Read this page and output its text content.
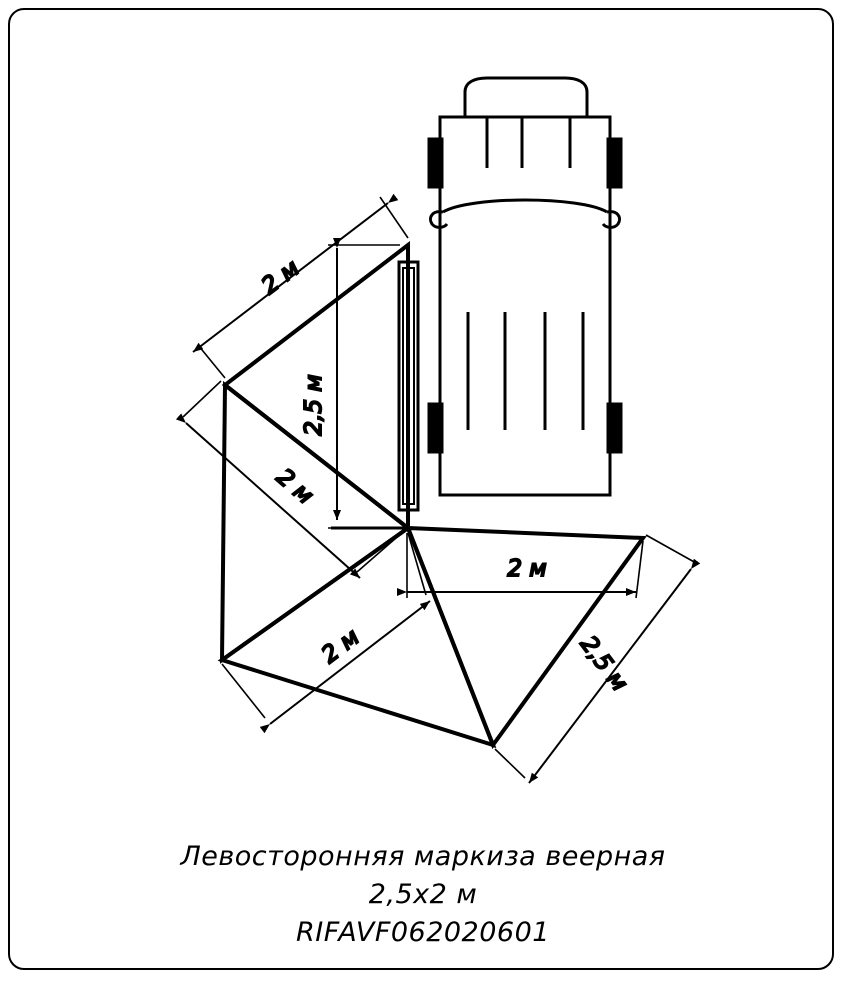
2 м
2,5 м
2 м
2 м
2 м
2,5 м
Левосторонняя маркиза веерная
2,5х2 м
RIFAVF062020601
